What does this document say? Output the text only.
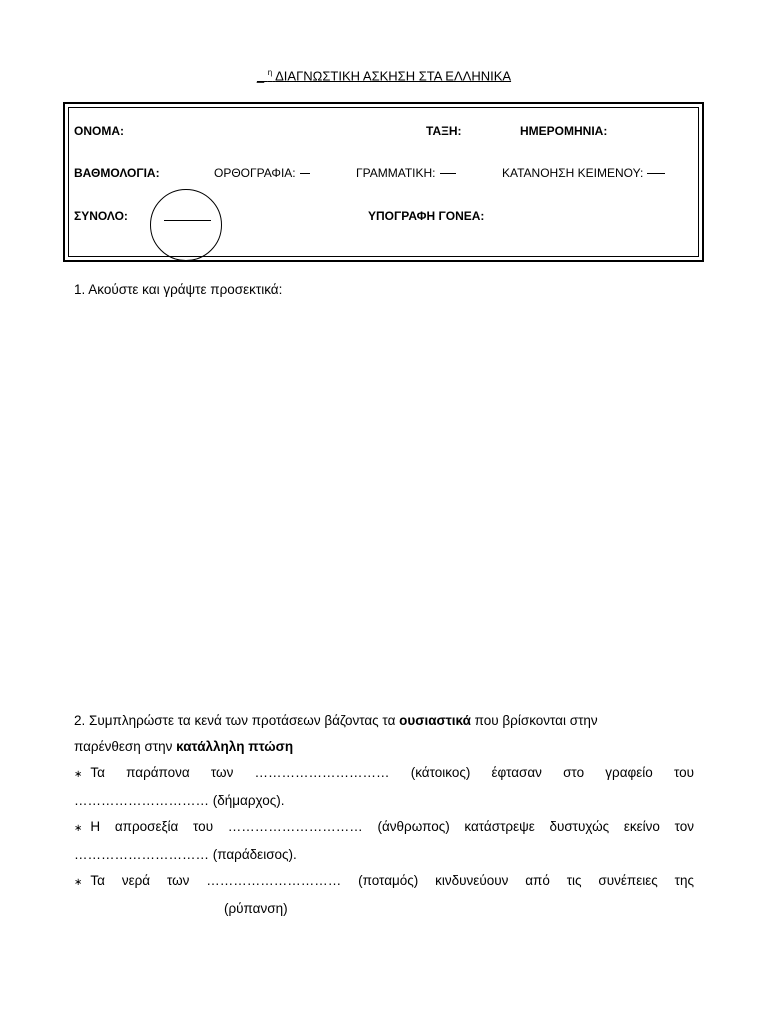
_ $^\eta$ ΔΙΑΓΝΩΣΤΙΚΗ ΑΣΚΗΣΗ ΣΤΑ ΕΛΛΗΝΙΚΑ
ΟΝΟΜΑ:	ΤΑΞΗ:	ΗΜΕΡΟΜΗΝΙΑ:
ΒΑΘΜΟΛΟΓΙΑ:	ΟΡΘΟΓΡΑΦΙΑ:	ΓΡΑΜΜΑΤΙΚΗ:	ΚΑΤΑΝΟΗΣΗ ΚΕΙΜΕΝΟΥ:
ΣΥΝΟΛΟ:	ΥΠΟΓΡΑΦΗ ΓΟΝΕΑ:
1. Ακούστε και γράψτε προσεκτικά:

2. Συμπληρώστε τα κενά των προτάσεων βάζοντας τα ουσιαστικά που βρίσκονται στην

παρένθεση στην κατάλληλη πτώση

∗ Τα παράπονα των ………………………… (κάτοικος) έφτασαν στο γραφείο του

………………………… (δήμαρχος).

∗ Η απροσεξία του ………………………… (άνθρωπος) κατάστρεψε δυστυχώς εκείνο τον

………………………… (παράδεισος).

∗ Τα νερά των ………………………… (ποταμός) κινδυνεύουν από τις συνέπειες της

(ρύπανση)
